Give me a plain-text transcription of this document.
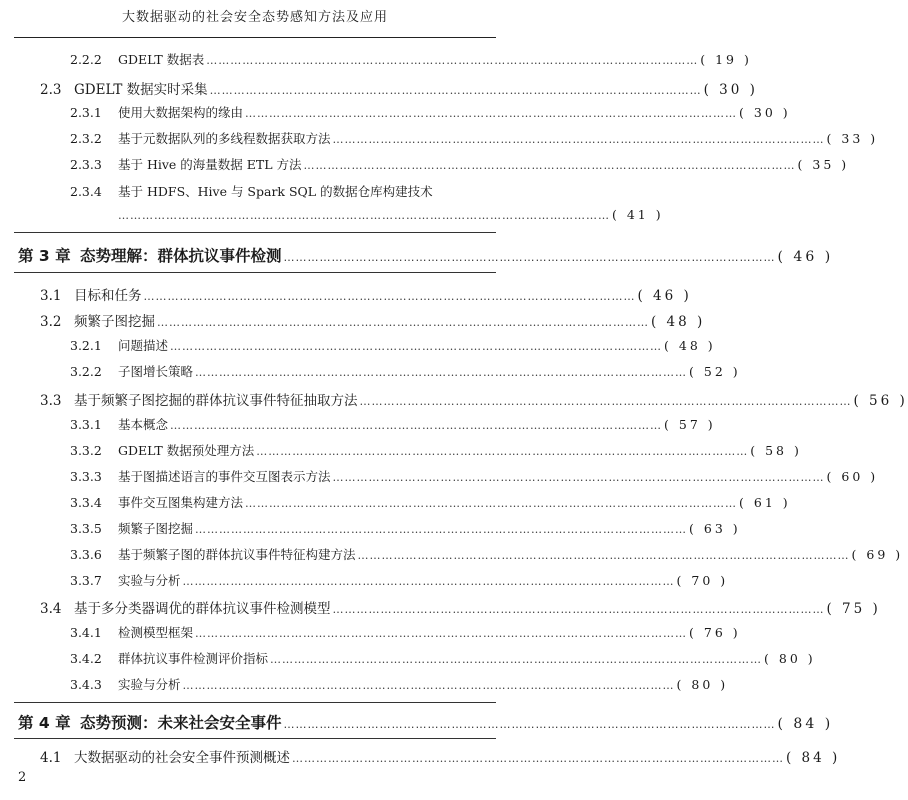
大数据驱动的社会安全态势感知方法及应用
2.2.2	GDELT 数据表 …………………………………………………………………………………………………………… ( 19 )
2.3 GDELT 数据实时采集 …………………………………………………………………………………………………………… ( 30 )
2.3.1	使用大数据架构的缘由 …………………………………………………………………………………………………………… ( 30 )
2.3.2	基于元数据队列的多线程数据获取方法 …………………………………………………………………………………………………………… ( 33 )
2.3.3	基于 Hive 的海量数据 ETL 方法 …………………………………………………………………………………………………………… ( 35 )
2.3.4	基于 HDFS、Hive 与 Spark SQL 的数据仓库构建技术
…………………………………………………………………………………………………………… ( 41 )
第 3 章 态势理解：群体抗议事件检测 …………………………………………………………………………………………………………… ( 46 )
3.1 目标和任务 …………………………………………………………………………………………………………… ( 46 )
3.2 频繁子图挖掘 …………………………………………………………………………………………………………… ( 48 )
3.2.1	问题描述 …………………………………………………………………………………………………………… ( 48 )
3.2.2	子图增长策略 …………………………………………………………………………………………………………… ( 52 )
3.3 基于频繁子图挖掘的群体抗议事件特征抽取方法 …………………………………………………………………………………………………………… ( 56 )
3.3.1	基本概念 …………………………………………………………………………………………………………… ( 57 )
3.3.2	GDELT 数据预处理方法 …………………………………………………………………………………………………………… ( 58 )
3.3.3	基于图描述语言的事件交互图表示方法 …………………………………………………………………………………………………………… ( 60 )
3.3.4	事件交互图集构建方法 …………………………………………………………………………………………………………… ( 61 )
3.3.5	频繁子图挖掘 …………………………………………………………………………………………………………… ( 63 )
3.3.6	基于频繁子图的群体抗议事件特征构建方法 …………………………………………………………………………………………………………… ( 69 )
3.3.7	实验与分析 …………………………………………………………………………………………………………… ( 70 )
3.4 基于多分类器调优的群体抗议事件检测模型 …………………………………………………………………………………………………………… ( 75 )
3.4.1	检测模型框架 …………………………………………………………………………………………………………… ( 76 )
3.4.2	群体抗议事件检测评价指标 …………………………………………………………………………………………………………… ( 80 )
3.4.3	实验与分析 …………………………………………………………………………………………………………… ( 80 )
第 4 章 态势预测：未来社会安全事件 …………………………………………………………………………………………………………… ( 84 )
4.1 大数据驱动的社会安全事件预测概述 …………………………………………………………………………………………………………… ( 84 )
2
